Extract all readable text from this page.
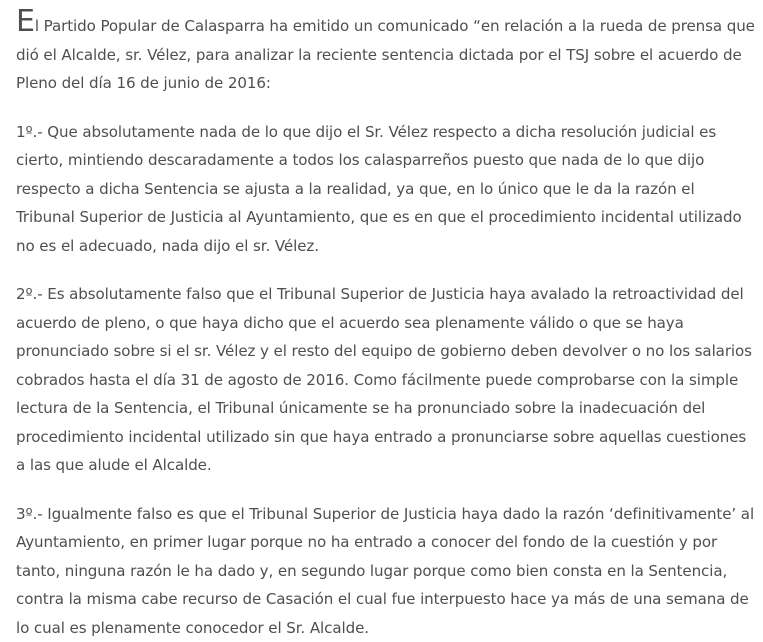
El Partido Popular de Calasparra ha emitido un comunicado “en relación a la rueda de prensa que dió el Alcalde, sr. Vélez, para analizar la reciente sentencia dictada por el TSJ sobre el acuerdo de Pleno del día 16 de junio de 2016:

1º.- Que absolutamente nada de lo que dijo el Sr. Vélez respecto a dicha resolución judicial es cierto, mintiendo descaradamente a todos los calasparreños puesto que nada de lo que dijo respecto a dicha Sentencia se ajusta a la realidad, ya que, en lo único que le da la razón el Tribunal Superior de Justicia al Ayuntamiento, que es en que el procedimiento incidental utilizado no es el adecuado, nada dijo el sr. Vélez.

2º.- Es absolutamente falso que el Tribunal Superior de Justicia haya avalado la retroactividad del acuerdo de pleno, o que haya dicho que el acuerdo sea plenamente válido o que se haya pronunciado sobre si el sr. Vélez y el resto del equipo de gobierno deben devolver o no los salarios cobrados hasta el día 31 de agosto de 2016. Como fácilmente puede comprobarse con la simple lectura de la Sentencia, el Tribunal únicamente se ha pronunciado sobre la inadecuación del procedimiento incidental utilizado sin que haya entrado a pronunciarse sobre aquellas cuestiones a las que alude el Alcalde.

3º.- Igualmente falso es que el Tribunal Superior de Justicia haya dado la razón ‘definitivamente’ al Ayuntamiento, en primer lugar porque no ha entrado a conocer del fondo de la cuestión y por tanto, ninguna razón le ha dado y, en segundo lugar porque como bien consta en la Sentencia, contra la misma cabe recurso de Casación el cual fue interpuesto hace ya más de una semana de lo cual es plenamente conocedor el Sr. Alcalde.
